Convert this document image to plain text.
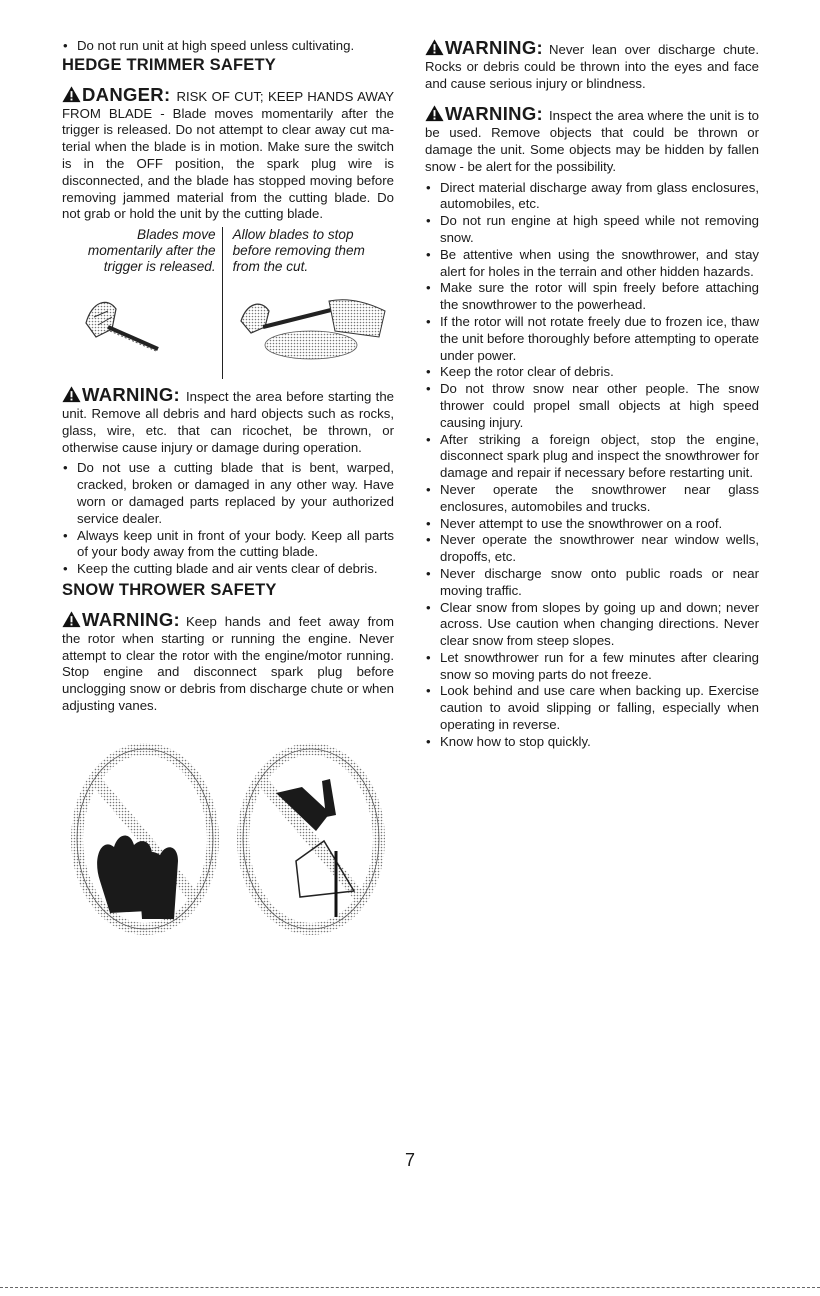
• Do not run unit at high speed unless cultivating.
HEDGE TRIMMER SAFETY

DANGER: RISK OF CUT; KEEP HANDS AWAY FROM BLADE - Blade moves momentarily after the trigger is released. Do not attempt to clear away cut material when the blade is in motion. Make sure the switch is in the OFF position, the spark plug wire is disconnected, and the blade has stopped moving before removing jammed material from the cutting blade. Do not grab or hold the unit by the cutting blade.

Blades move momentarily after the trigger is released.
Allow blades to stop before removing them from the cut.

WARNING: Inspect the area before starting the unit. Remove all debris and hard objects such as rocks, glass, wire, etc. that can ricochet, be thrown, or otherwise cause injury or damage during operation.

• Do not use a cutting blade that is bent, warped, cracked, broken or damaged in any other way. Have worn or damaged parts replaced by your authorized service dealer.
• Always keep unit in front of your body. Keep all parts of your body away from the cutting blade.
• Keep the cutting blade and air vents clear of debris.
SNOW THROWER SAFETY

WARNING: Keep hands and feet away from the rotor when starting or running the engine. Never attempt to clear the rotor with the engine/motor running. Stop engine and disconnect spark plug before unclogging snow or debris from discharge chute or when adjusting vanes.

WARNING: Never lean over discharge chute. Rocks or debris could be thrown into the eyes and face and cause serious injury or blindness.

WARNING: Inspect the area where the unit is to be used. Remove objects that could be thrown or damage the unit. Some objects may be hidden by fallen snow - be alert for the possibility.

• Direct material discharge away from glass enclosures, automobiles, etc.
• Do not run engine at high speed while not removing snow.
• Be attentive when using the snowthrower, and stay alert for holes in the terrain and other hidden hazards.
• Make sure the rotor will spin freely before attaching the snowthrower to the powerhead.
• If the rotor will not rotate freely due to frozen ice, thaw the unit before thoroughly before attempting to operate under power.
• Keep the rotor clear of debris.
• Do not throw snow near other people. The snow thrower could propel small objects at high speed causing injury.
• After striking a foreign object, stop the engine, disconnect spark plug and inspect the snowthrower for damage and repair if necessary before restarting unit.
• Never operate the snowthrower near glass enclosures, automobiles and trucks.
• Never attempt to use the snowthrower on a roof.
• Never operate the snowthrower near window wells, dropoffs, etc.
• Never discharge snow onto public roads or near moving traffic.
• Clear snow from slopes by going up and down; never across. Use caution when changing directions. Never clear snow from steep slopes.
• Let snowthrower run for a few minutes after clearing snow so moving parts do not freeze.
• Look behind and use care when backing up. Exercise caution to avoid slipping or falling, especially when operating in reverse.
• Know how to stop quickly.
7
